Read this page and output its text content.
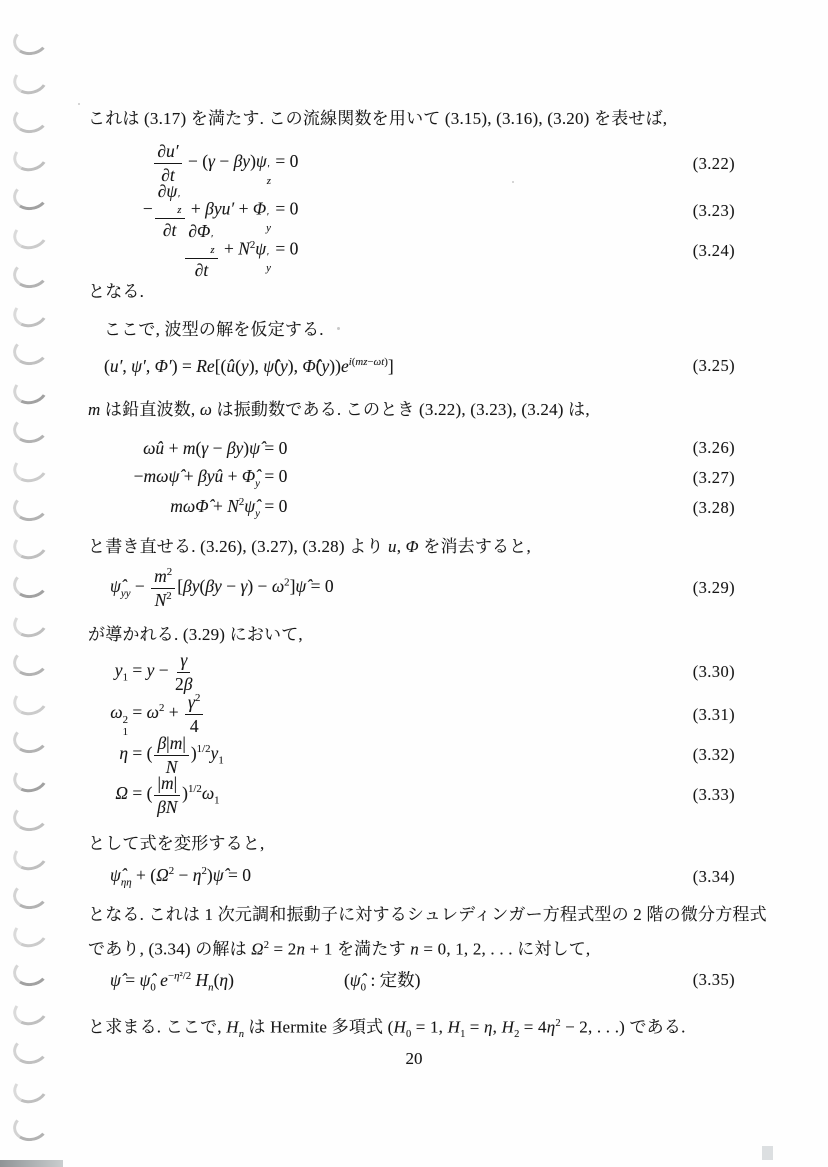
これは (3.17) を満たす. この流線関数を用いて (3.15), (3.16), (3.20) を表せば,
$\frac{\partial u'}{\partial t} - (\gamma - \beta y)\psi$ ′
z
= 0	(3.22)
− ∂ψ ′
z
∂t + βyu′ + Φ ′
y
= 0	(3.23)
∂Φ ′
z
$\partial t + N^2\psi$ ′
y
= 0	(3.24)
となる.
ここで, 波型の解を仮定する.
(u′, ψ′, Φ′) = Re[(û(y), ψ̂(y), $\Phî(y))e^{i(mz-\omega t)}$]	(3.25)
m は鉛直波数, ω は振動数である. このとき (3.22), (3.23), (3.24) は,
ωû + m(γ − βy)ψ̂ = 0	(3.26)
−mωψ̂ + βyû + $\Phî_y = 0$	(3.27)
mωΦ̂ + $N^2\psî_y = 0$	(3.28)
と書き直せる. (3.26), (3.27), (3.28) より u, Φ を消去すると,
$\psî_{yy} - \frac{m^2}{N^2} [\beta y(\beta y - \gamma)$ − $\omega^2]\psî = 0$	(3.29)
が導かれる. (3.29) において,
$y_1 = y - \frac{\gamma}{2\beta}$	(3.30)
ω 2
1
= $\omega^2 + \frac{\gamma^2}{4}$	(3.31)
η = ( $\frac{\beta|m|}{N} )^{1/2}y_1$	(3.32)
Ω = ( $\frac{|m|}{\beta N} )^{1/2}\omega_1$	(3.33)
として式を変形すると,
$\psî_{\eta\eta} + (\Omega^2$ − $\eta^2)\psî = 0$	(3.34)
となる. これは 1 次元調和振動子に対するシュレディンガー方程式型の 2 階の微分方程式
であり, (3.34) の解は $\Omega^2 = 2n + 1$ を満たす n = 0, 1, 2, . . . に対して,
ψ̂ = $\psî_0$ $e^{-\eta^2/2}$ $H_n(\eta)$	($\psî_0$ : 定数)	(3.35)
と求まる. ここで, $H_n$ は Hermite 多項式 ($H_0 = 1$, $H_1 = \eta$, $H_2 = 4\eta^2 - 2$, . . .) である.
20
